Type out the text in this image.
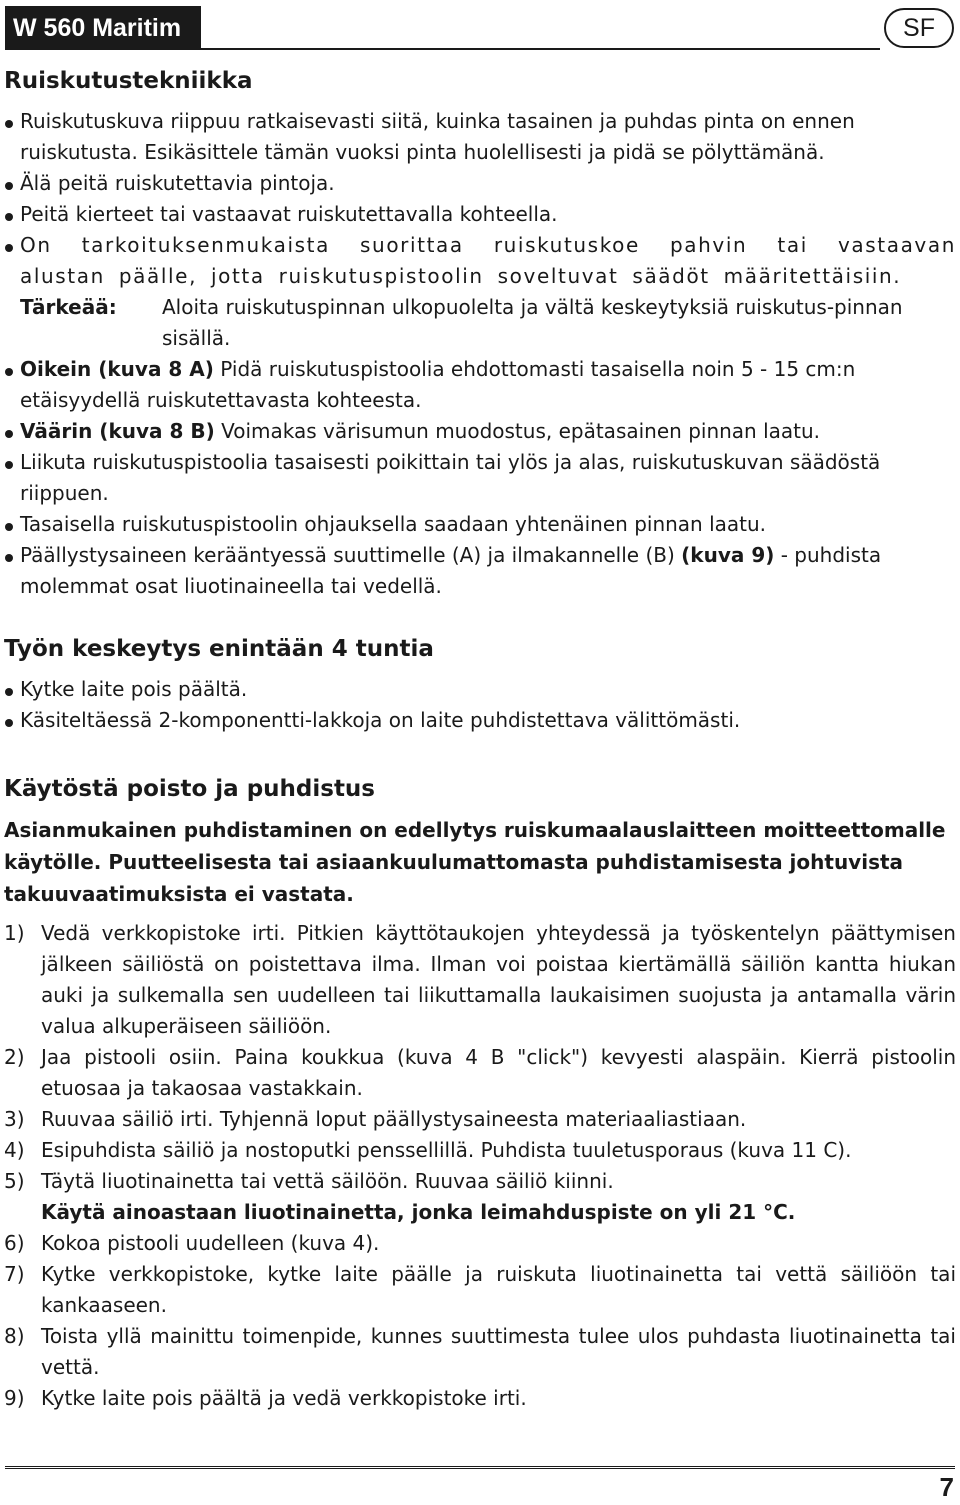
W 560 Maritim	SF
Ruiskutustekniikka
Ruiskutuskuva riippuu ratkaisevasti siitä, kuinka tasainen ja puhdas pinta on ennen ruiskutusta. Esikäsittele tämän vuoksi pinta huolellisesti ja pidä se pölyttämänä.
Älä peitä ruiskutettavia pintoja.
Peitä kierteet tai vastaavat ruiskutettavalla kohteella.
On tarkoituksenmukaista suorittaa ruiskutuskoe pahvin tai vastaavan alustan päälle, jotta ruiskutuspistoolin soveltuvat säädöt määritettäisiin.
Tärkeää: Aloita ruiskutuspinnan ulkopuolelta ja vältä keskeytyksiä ruiskutus-pinnan sisällä.
Oikein (kuva 8 A) Pidä ruiskutuspistoolia ehdottomasti tasaisella noin 5 - 15 cm:n etäisyydellä ruiskutettavasta kohteesta.
Väärin (kuva 8 B) Voimakas värisumun muodostus, epätasainen pinnan laatu.
Liikuta ruiskutuspistoolia tasaisesti poikittain tai ylös ja alas, ruiskutuskuvan säädöstä riippuen.
Tasaisella ruiskutuspistoolin ohjauksella saadaan yhtenäinen pinnan laatu.
Päällystysaineen kerääntyessä suuttimelle (A) ja ilmakannelle (B) (kuva 9) - puhdista molemmat osat liuotinaineella tai vedellä.
Työn keskeytys enintään 4 tuntia
Kytke laite pois päältä.
Käsiteltäessä 2-komponentti-lakkoja on laite puhdistettava välittömästi.
Käytöstä poisto ja puhdistus

Asianmukainen puhdistaminen on edellytys ruiskumaalauslaitteen moitteettomalle käytölle. Puutteelisesta tai asiaankuulumattomasta puhdistamisesta johtuvista takuuvaatimuksista ei vastata.

1) Vedä verkkopistoke irti. Pitkien käyttötaukojen yhteydessä ja työskentelyn päättymisen jälkeen säiliöstä on poistettava ilma. Ilman voi poistaa kiertämällä säiliön kantta hiukan auki ja sulkemalla sen uudelleen tai liikuttamalla laukaisimen suojusta ja antamalla värin valua alkuperäiseen säiliöön.
2) Jaa pistooli osiin. Paina koukkua (kuva 4 B "click") kevyesti alaspäin. Kierrä pistoolin etuosaa ja takaosaa vastakkain.
3) Ruuvaa säiliö irti. Tyhjennä loput päällystysaineesta materiaaliastiaan.
4) Esipuhdista säiliö ja nostoputki penssellillä. Puhdista tuuletusporaus (kuva 11 C).
5) Täytä liuotinainetta tai vettä säilöön. Ruuvaa säiliö kiinni.
Käytä ainoastaan liuotinainetta, jonka leimahduspiste on yli 21 °C.
6) Kokoa pistooli uudelleen (kuva 4).
7) Kytke verkkopistoke, kytke laite päälle ja ruiskuta liuotinainetta tai vettä säiliöön tai kankaaseen.
8) Toista yllä mainittu toimenpide, kunnes suuttimesta tulee ulos puhdasta liuotinainetta tai vettä.
9) Kytke laite pois päältä ja vedä verkkopistoke irti.
7
